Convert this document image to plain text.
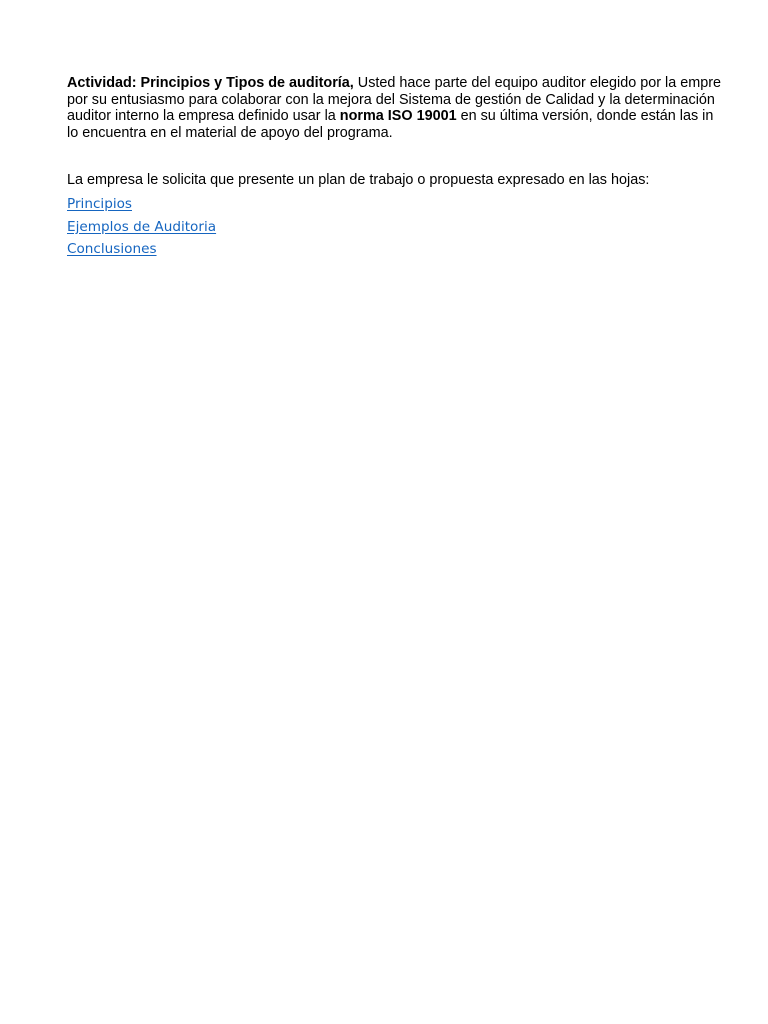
Actividad: Principios y Tipos de auditoría, Usted hace parte del equipo auditor elegido por la empre
por su entusiasmo para colaborar con la mejora del Sistema de gestión de Calidad y la determinación
auditor interno la empresa definido usar la norma ISO 19001 en su última versión, donde están las in
lo encuentra en el material de apoyo del programa.
La empresa le solicita que presente un plan de trabajo o propuesta expresado en las hojas:
Principios
Ejemplos de Auditoria
Conclusiones
